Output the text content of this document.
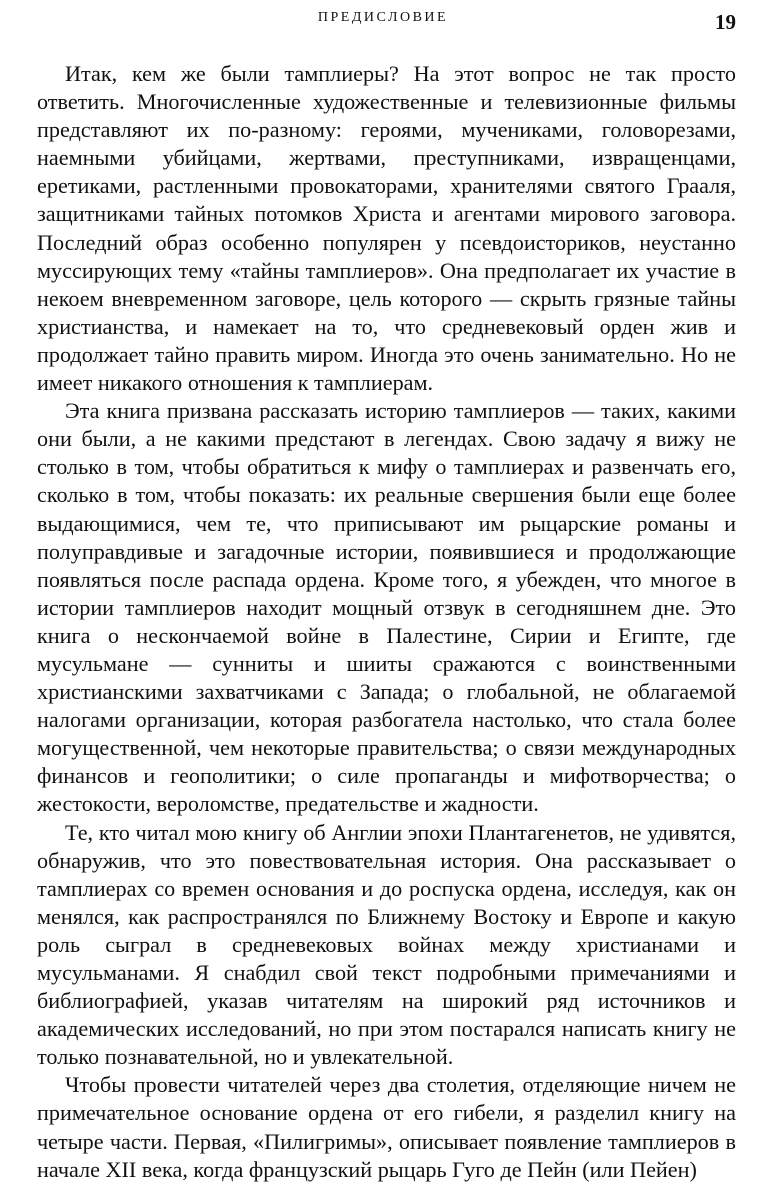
ПРЕДИСЛОВИЕ	19

Итак, кем же были тамплиеры? На этот вопрос не так просто ответить. Многочисленные художественные и телевизионные фильмы представляют их по-разному: героями, мучениками, головорезами, наемными убийцами, жертвами, преступниками, извращенцами, еретиками, растленными провокаторами, хранителями святого Грааля, защитниками тайных потомков Христа и агентами мирового заговора. Последний образ особенно популярен у псевдоисториков, неустанно муссирующих тему «тайны тамплиеров». Она предполагает их участие в некоем вневременном заговоре, цель которого — скрыть грязные тайны христианства, и намекает на то, что средневековый орден жив и продолжает тайно править миром. Иногда это очень занимательно. Но не имеет никакого отношения к тамплиерам.

Эта книга призвана рассказать историю тамплиеров — таких, какими они были, а не какими предстают в легендах. Свою задачу я вижу не столько в том, чтобы обратиться к мифу о тамплиерах и развенчать его, сколько в том, чтобы показать: их реальные свершения были еще более выдающимися, чем те, что приписывают им рыцарские романы и полуправдивые и загадочные истории, появившиеся и продолжающие появляться после распада ордена. Кроме того, я убежден, что многое в истории тамплиеров находит мощный отзвук в сегодняшнем дне. Это книга о нескончаемой войне в Палестине, Сирии и Египте, где мусульмане — сунниты и шииты сражаются с воинственными христианскими захватчиками с Запада; о глобальной, не облагаемой налогами организации, которая разбогатела настолько, что стала более могущественной, чем некоторые правительства; о связи международных финансов и геополитики; о силе пропаганды и мифотворчества; о жестокости, вероломстве, предательстве и жадности.

Те, кто читал мою книгу об Англии эпохи Плантагенетов, не удивятся, обнаружив, что это повествовательная история. Она рассказывает о тамплиерах со времен основания и до роспуска ордена, исследуя, как он менялся, как распространялся по Ближнему Востоку и Европе и какую роль сыграл в средневековых войнах между христианами и мусульманами. Я снабдил свой текст подробными примечаниями и библиографией, указав читателям на широкий ряд источников и академических исследований, но при этом постарался написать книгу не только познавательной, но и увлекательной.

Чтобы провести читателей через два столетия, отделяющие ничем не примечательное основание ордена от его гибели, я разделил книгу на четыре части. Первая, «Пилигримы», описывает появление тамплиеров в начале XII века, когда французский рыцарь Гуго де Пейн (или Пейен)
